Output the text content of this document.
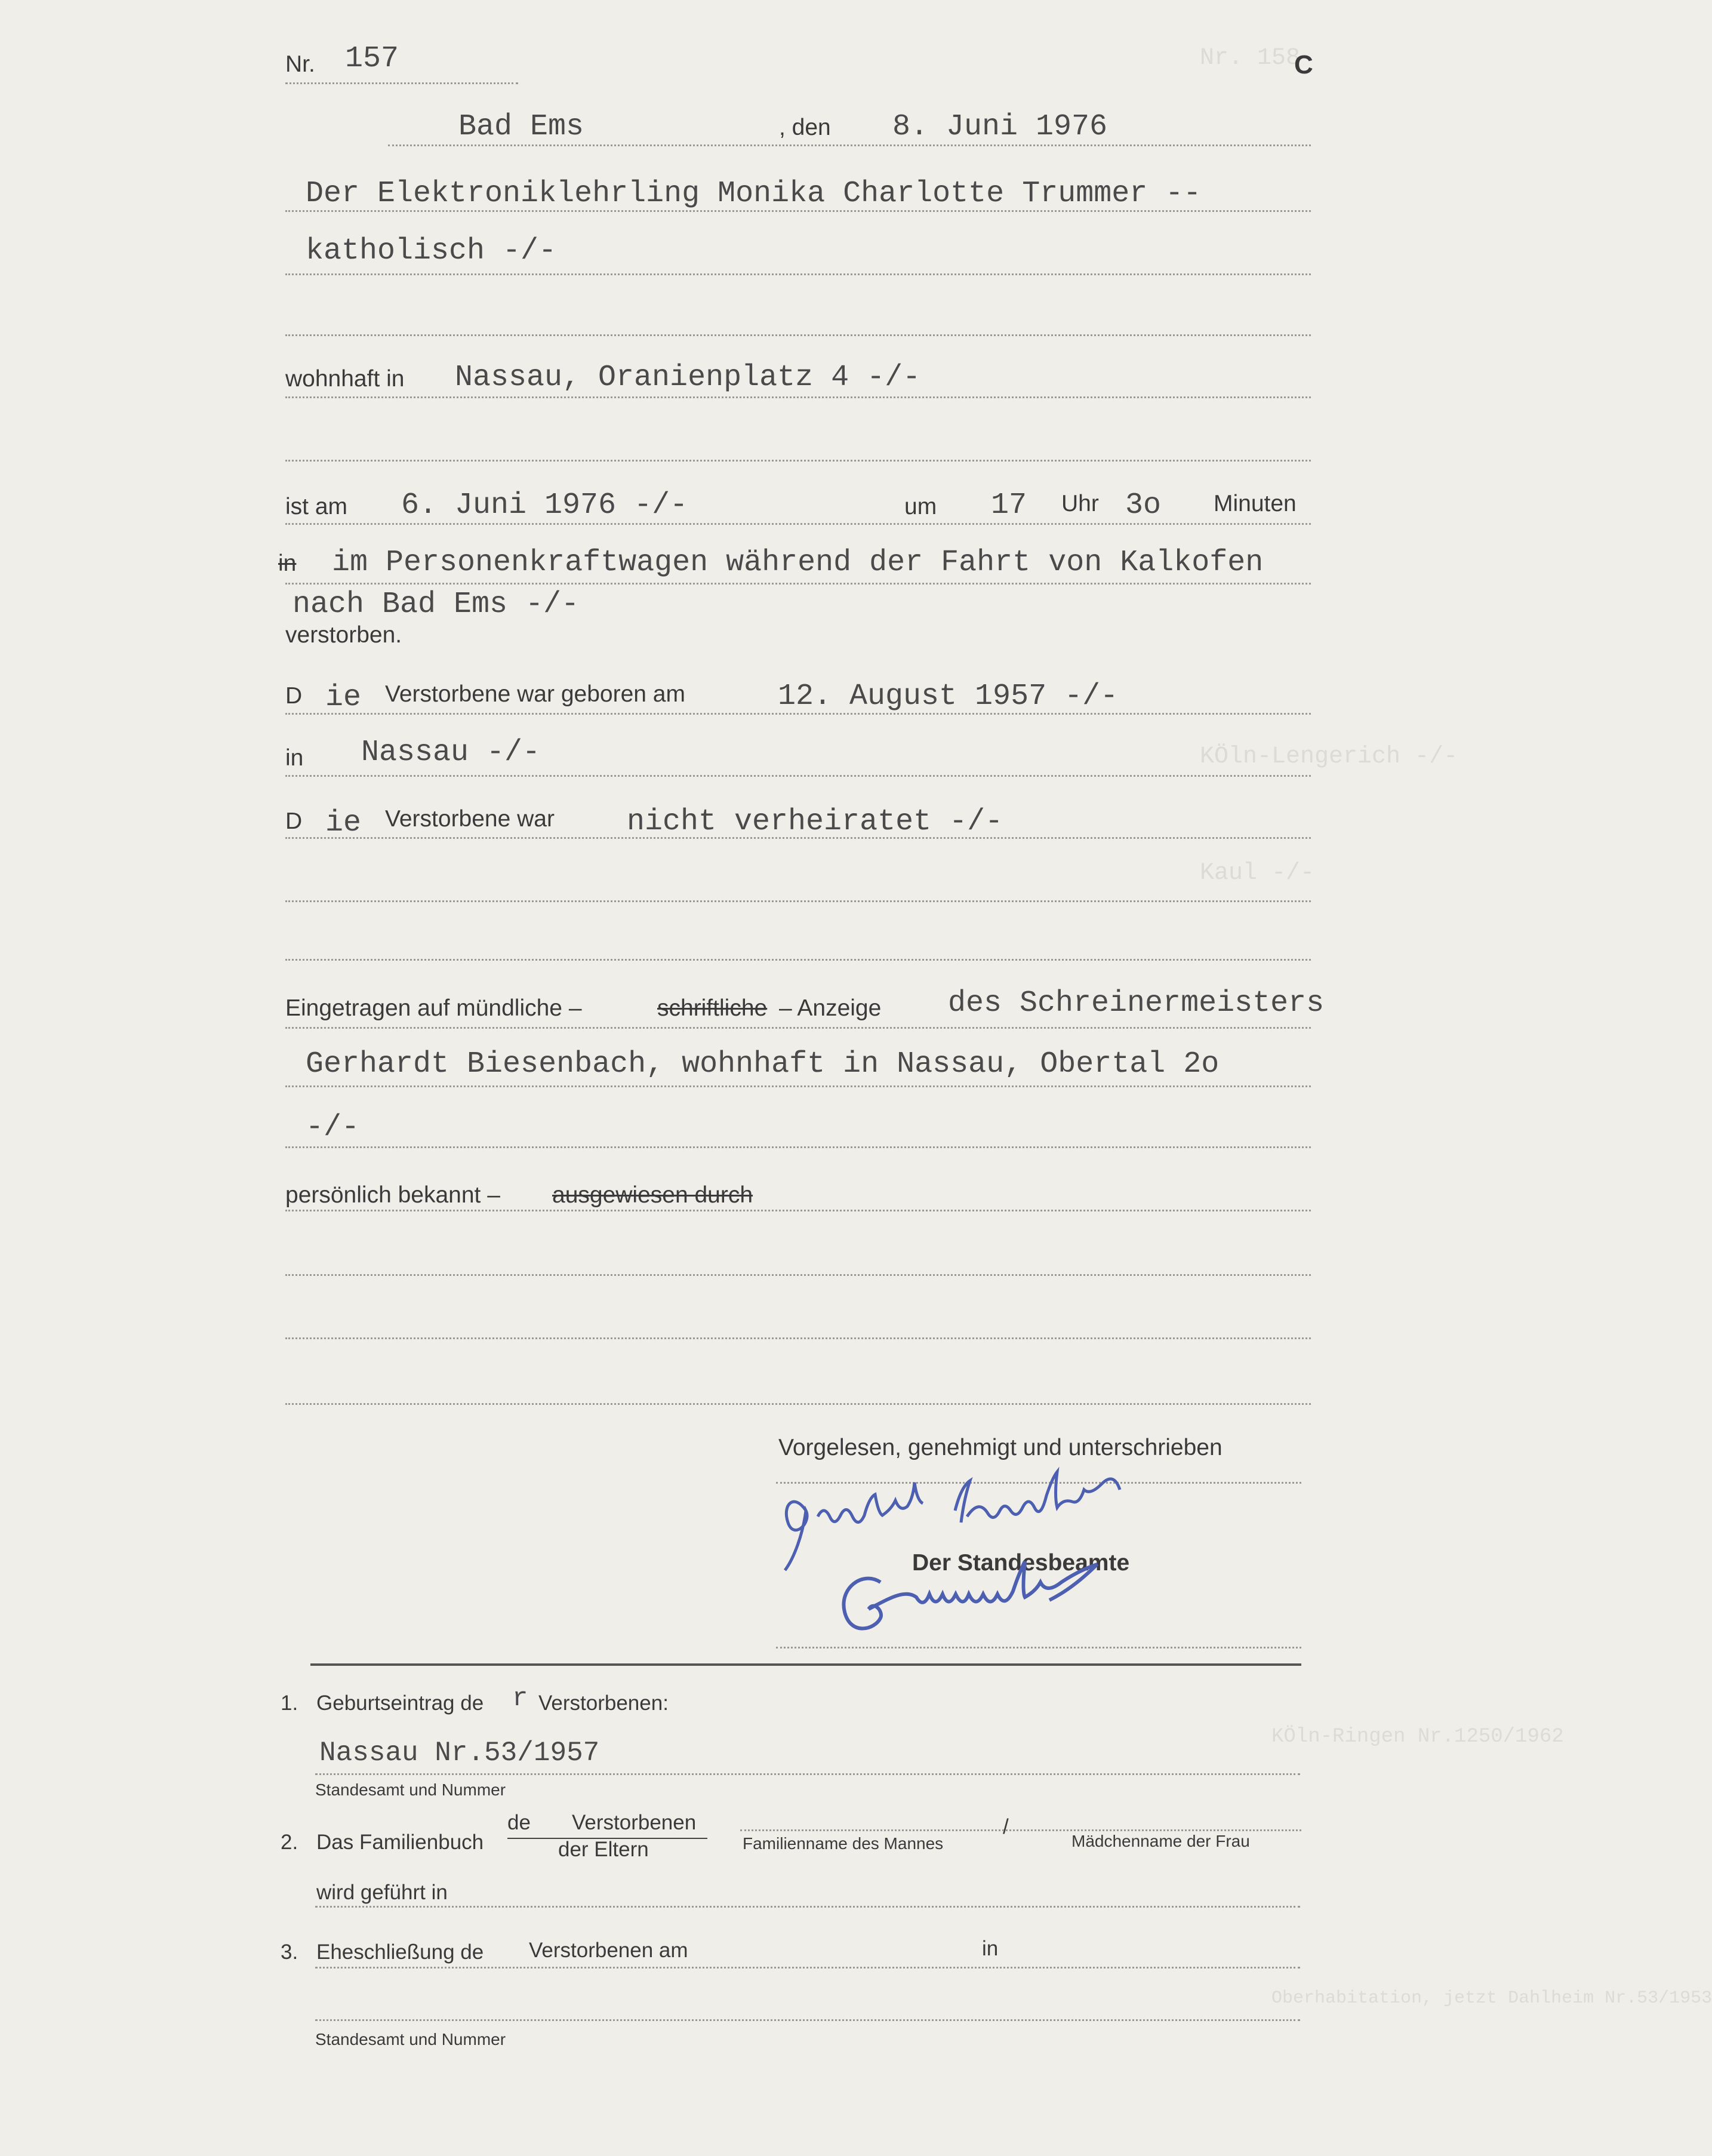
Nr. 158
KÖln-Lengerich -/-
Kaul -/-
KÖln-Ringen Nr.1250/1962
Oberhabitation, jetzt Dahlheim Nr.53/1953
Nr. 157	C
Bad Ems	, den 8. Juni 1976
Der Elektroniklehrling Monika Charlotte Trummer --
katholisch -/-
wohnhaft in Nassau, Oranienplatz 4 -/-
ist am 6. Juni 1976 -/-	um 17 Uhr 3o Minuten
in im Personenkraftwagen während der Fahrt von Kalkofen
nach Bad Ems -/-
verstorben.
D ie Verstorbene war geboren am	12. August 1957 -/-
in Nassau -/-
D ie Verstorbene war nicht verheiratet -/-
Eingetragen auf mündliche –	schriftliche – Anzeige des Schreinermeisters
Gerhardt Biesenbach, wohnhaft in Nassau, Obertal 2o
-/-
persönlich bekannt – ausgewiesen durch
Vorgelesen, genehmigt und unterschrieben
Der Standesbeamte
1. Geburtseintrag de r Verstorbenen:
Nassau Nr.53/1957
Standesamt und Nummer
2. Das Familienbuch
de Verstorbenen
der Eltern	Familienname des Mannes
/
Mädchenname der Frau
wird geführt in
3. Eheschließung de Verstorbenen am	in
Standesamt und Nummer
